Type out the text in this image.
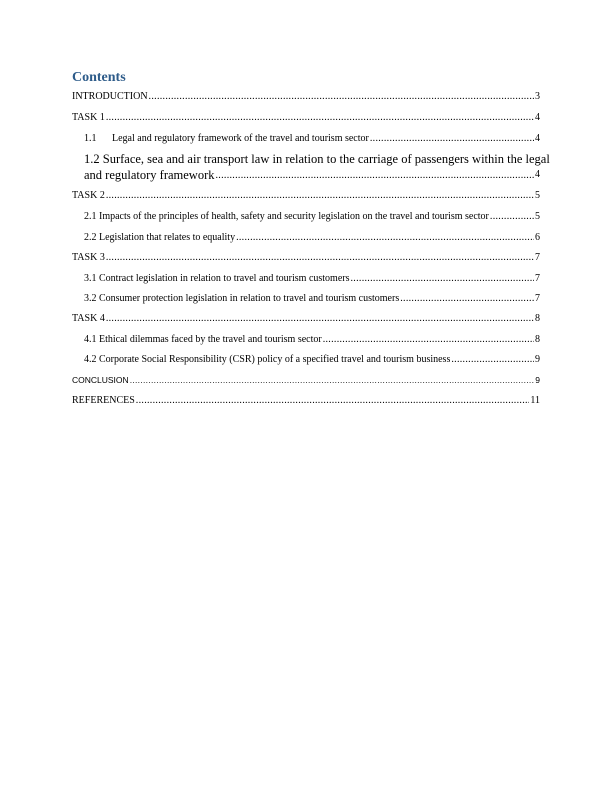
Contents
INTRODUCTION .....	3
TASK 1 .....	4
1.1 Legal and regulatory framework of the travel and tourism sector .....	4
1.2 Surface, sea and air transport law in relation to the carriage of passengers within the legal
and regulatory framework .....	4
TASK 2 .....	5
2.1 Impacts of the principles of health, safety and security legislation on the travel and tourism sector .....	5
2.2 Legislation that relates to equality .....	6
TASK 3 .....	7
3.1 Contract legislation in relation to travel and tourism customers .....	7
3.2 Consumer protection legislation in relation to travel and tourism customers .....	7
TASK 4 .....	8
4.1 Ethical dilemmas faced by the travel and tourism sector .....	8
4.2 Corporate Social Responsibility (CSR) policy of a specified travel and tourism business .....	9
CONCLUSION .....	9
REFERENCES .....	11
